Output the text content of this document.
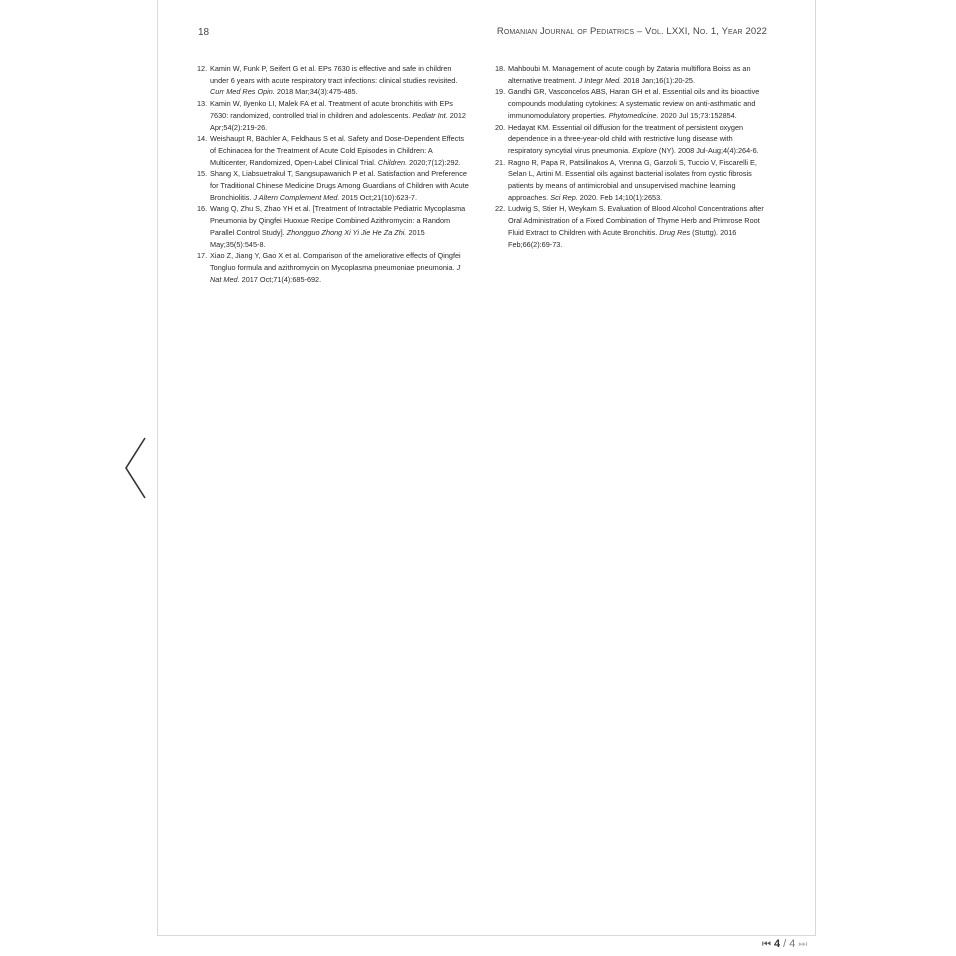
18	Romanian Journal of Pediatrics – Vol. LXXI, No. 1, Year 2022
12. Kamin W, Funk P, Seifert G et al. EPs 7630 is effective and safe in children under 6 years with acute respiratory tract infections: clinical studies revisited. Curr Med Res Opin. 2018 Mar;34(3):475-485.
13. Kamin W, Ilyenko LI, Malek FA et al. Treatment of acute bronchitis with EPs 7630: randomized, controlled trial in children and adolescents. Pediatr Int. 2012 Apr;54(2):219-26.
14. Weishaupt R, Bächler A, Feldhaus S et al. Safety and Dose-Dependent Effects of Echinacea for the Treatment of Acute Cold Episodes in Children: A Multicenter, Randomized, Open-Label Clinical Trial. Children. 2020;7(12):292.
15. Shang X, Liabsuetrakul T, Sangsupawanich P et al. Satisfaction and Preference for Traditional Chinese Medicine Drugs Among Guardians of Children with Acute Bronchiolitis. J Altern Complement Med. 2015 Oct;21(10):623-7.
16. Wang Q, Zhu S, Zhao YH et al. [Treatment of Intractable Pediatric Mycoplasma Pneumonia by Qingfei Huoxue Recipe Combined Azithromycin: a Random Parallel Control Study]. Zhongguo Zhong Xi Yi Jie He Za Zhi. 2015 May;35(5):545-8.
17. Xiao Z, Jiang Y, Gao X et al. Comparison of the ameliorative effects of Qingfei Tongluo formula and azithromycin on Mycoplasma pneumoniae pneumonia. J Nat Med. 2017 Oct;71(4):685-692.
18. Mahboubi M. Management of acute cough by Zataria multiflora Boiss as an alternative treatment. J Integr Med. 2018 Jan;16(1):20-25.
19. Gandhi GR, Vasconcelos ABS, Haran GH et al. Essential oils and its bioactive compounds modulating cytokines: A systematic review on anti-asthmatic and immunomodulatory properties. Phytomedicine. 2020 Jul 15;73:152854.
20. Hedayat KM. Essential oil diffusion for the treatment of persistent oxygen dependence in a three-year-old child with restrictive lung disease with respiratory syncytial virus pneumonia. Explore (NY). 2008 Jul-Aug;4(4):264-6.
21. Ragno R, Papa R, Patsilinakos A, Vrenna G, Garzoli S, Tuccio V, Fiscarelli E, Selan L, Artini M. Essential oils against bacterial isolates from cystic fibrosis patients by means of antimicrobial and unsupervised machine learning approaches. Sci Rep. 2020. Feb 14;10(1):2653.
22. Ludwig S, Stier H, Weykam S. Evaluation of Blood Alcohol Concentrations after Oral Administration of a Fixed Combination of Thyme Herb and Primrose Root Fluid Extract to Children with Acute Bronchitis. Drug Res (Stuttg). 2016 Feb;66(2):69-73.
⏮ 4 / 4 ⏭
